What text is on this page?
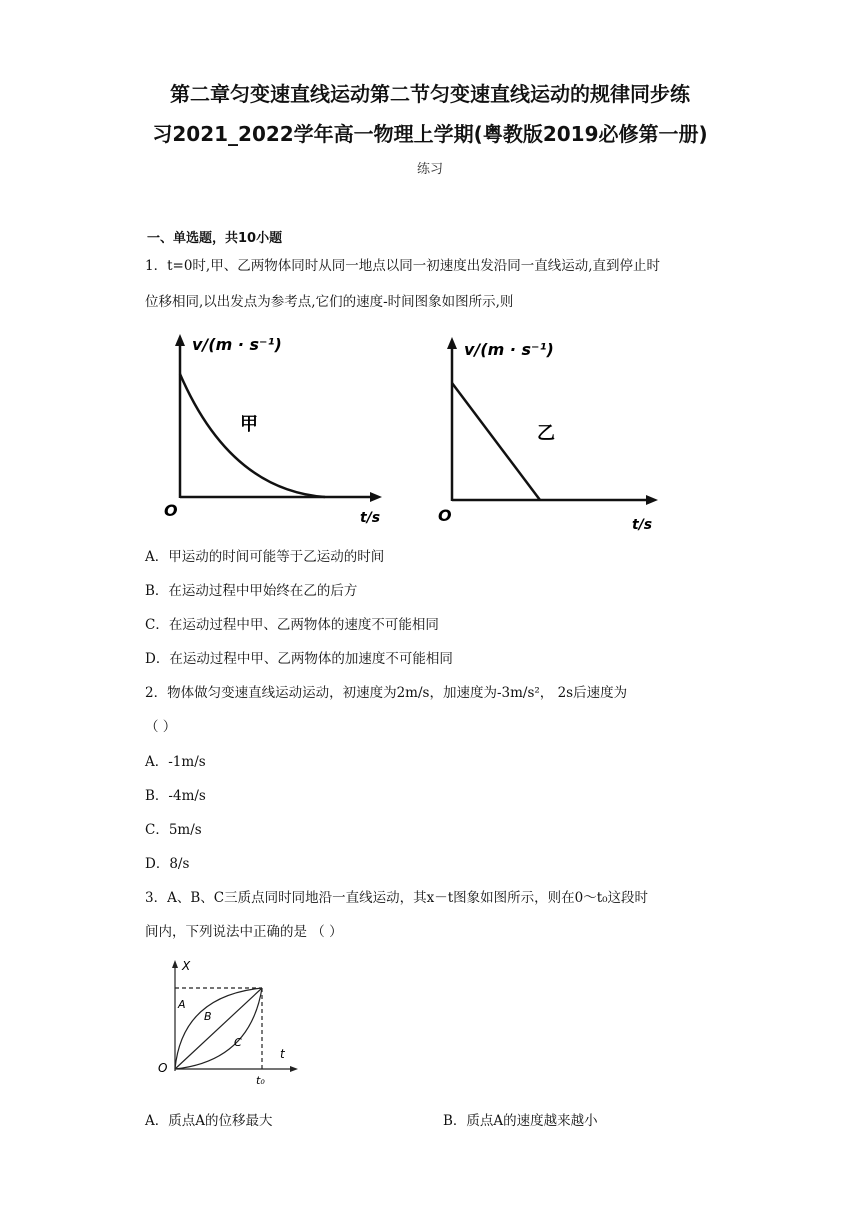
第二章匀变速直线运动第二节匀变速直线运动的规律同步练
习2021_2022学年高一物理上学期(粤教版2019必修第一册)
练习
一、单选题，共10小题
1．t=0时,甲、乙两物体同时从同一地点以同一初速度出发沿同一直线运动,直到停止时
位移相同,以出发点为参考点,它们的速度-时间图象如图所示,则
v/(m · s⁻¹)
t/s
O
甲
v/(m · s⁻¹)
t/s
O
乙
A．甲运动的时间可能等于乙运动的时间
B．在运动过程中甲始终在乙的后方
C．在运动过程中甲、乙两物体的速度不可能相同
D．在运动过程中甲、乙两物体的加速度不可能相同
2．物体做匀变速直线运动运动，初速度为2m/s，加速度为-3m/s²， 2s后速度为
（ ）
A．-1m/s
B．-4m/s
C．5m/s
D．8/s
3．A、B、C三质点同时同地沿一直线运动，其x－t图象如图所示，则在0～t₀这段时
间内，下列说法中正确的是 （ ）
X
t
O
t₀
A
B
C
A．质点A的位移最大	B．质点A的速度越来越小
